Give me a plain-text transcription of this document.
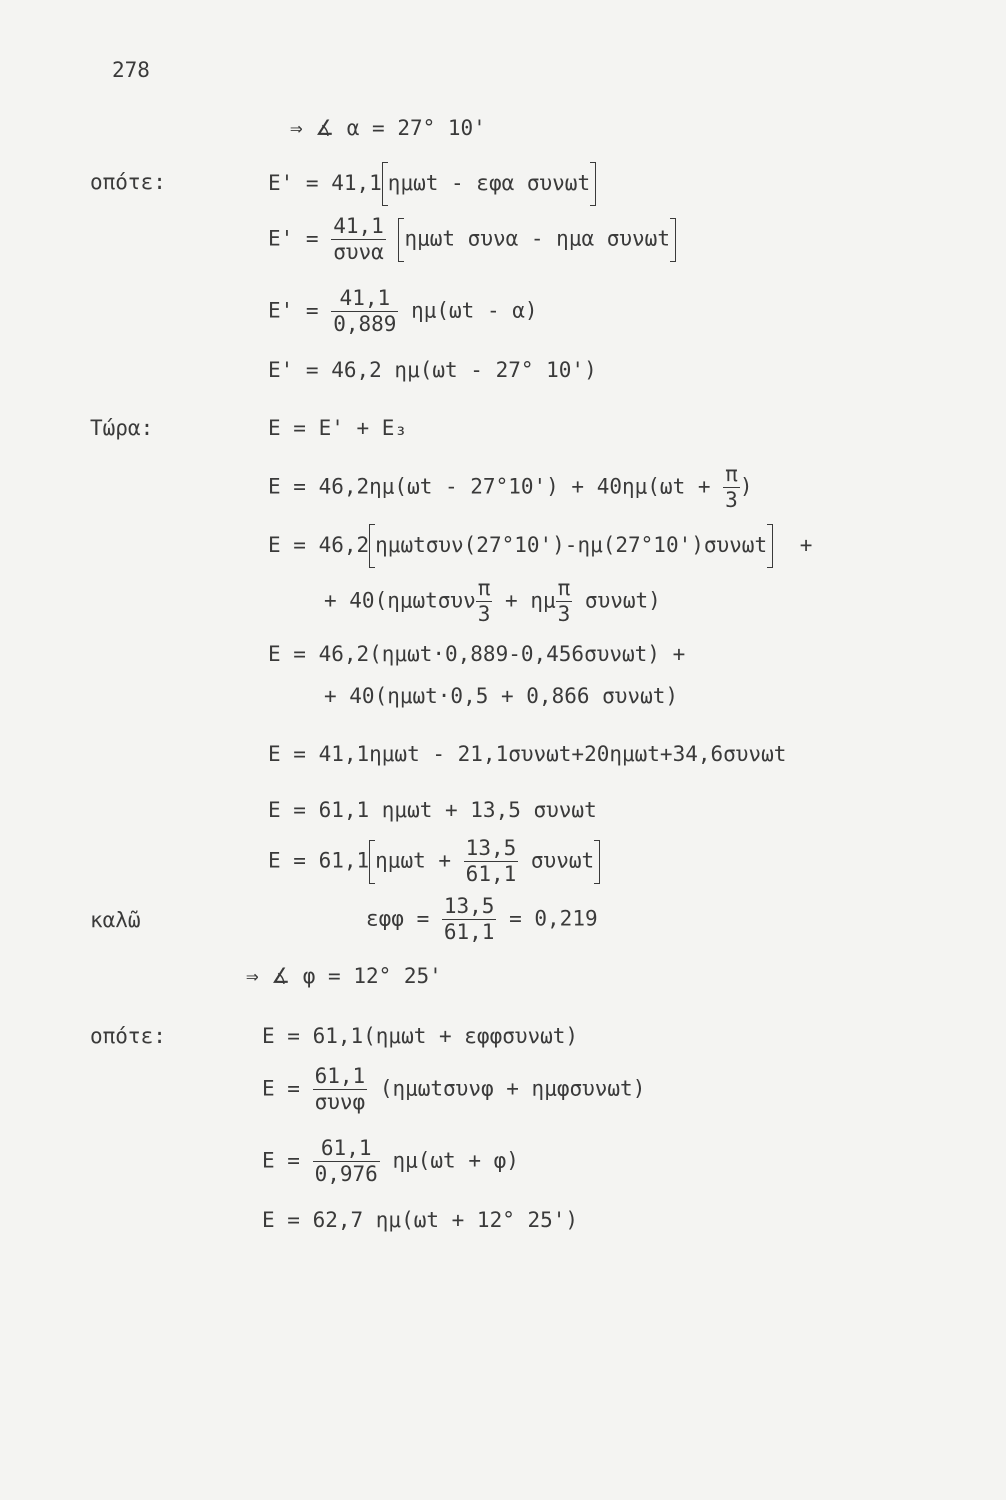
278
⇒ ∡ α = 27° 10'
οπότε:	E' = 41,1 ημωt - εφα συνωt
E' =
41,1
συνα
ημωt συνα - ημα συνωt
$E' = \frac{41,1}{0,889} \eta\mu(\omega t - \alpha)$
E' = 46,2 ημ(ωt - 27° 10')
Τώρα:	E = E' + E₃
$E = 46,2\eta\mu(\omega t - 27^\circ 10') + 40\eta\mu(\omega t + \frac{\pi}{3}$ )
E = 46,2 ημωtσυν(27°10')-ημ(27°10')συνωt +
+ $40(\eta\mu\omega t\sigma\upsilon\nu \frac{\pi}{3} + \eta\mu \frac{\pi}{3} \sigma\upsilon\nu\omega t)$
E = 46,2(ημωt·0,889-0,456συνωt) +
+ 40(ημωt·0,5 + 0,866 συνωt)
E = 41,1ημωt - 21,1συνωt+20ημωt+34,6συνωt
E = 61,1 ημωt + 13,5 συνωt
E = 61,1 $\eta\mu\omega t + \frac{13,5}{61,1}$ συνωt
καλῶ	$\varepsilon\varphi\varphi = \frac{13,5}{61,1} = 0,219$
⇒ ∡ φ = 12° 25'
οπότε:	E = 61,1(ημωt + εφφσυνωt)
E =
61,1
συνφ
(ημωtσυνφ + ημφσυνωt)
$E = \frac{61,1}{0,976} \eta\mu(\omega t + \varphi)$
E = 62,7 ημ(ωt + 12° 25')
